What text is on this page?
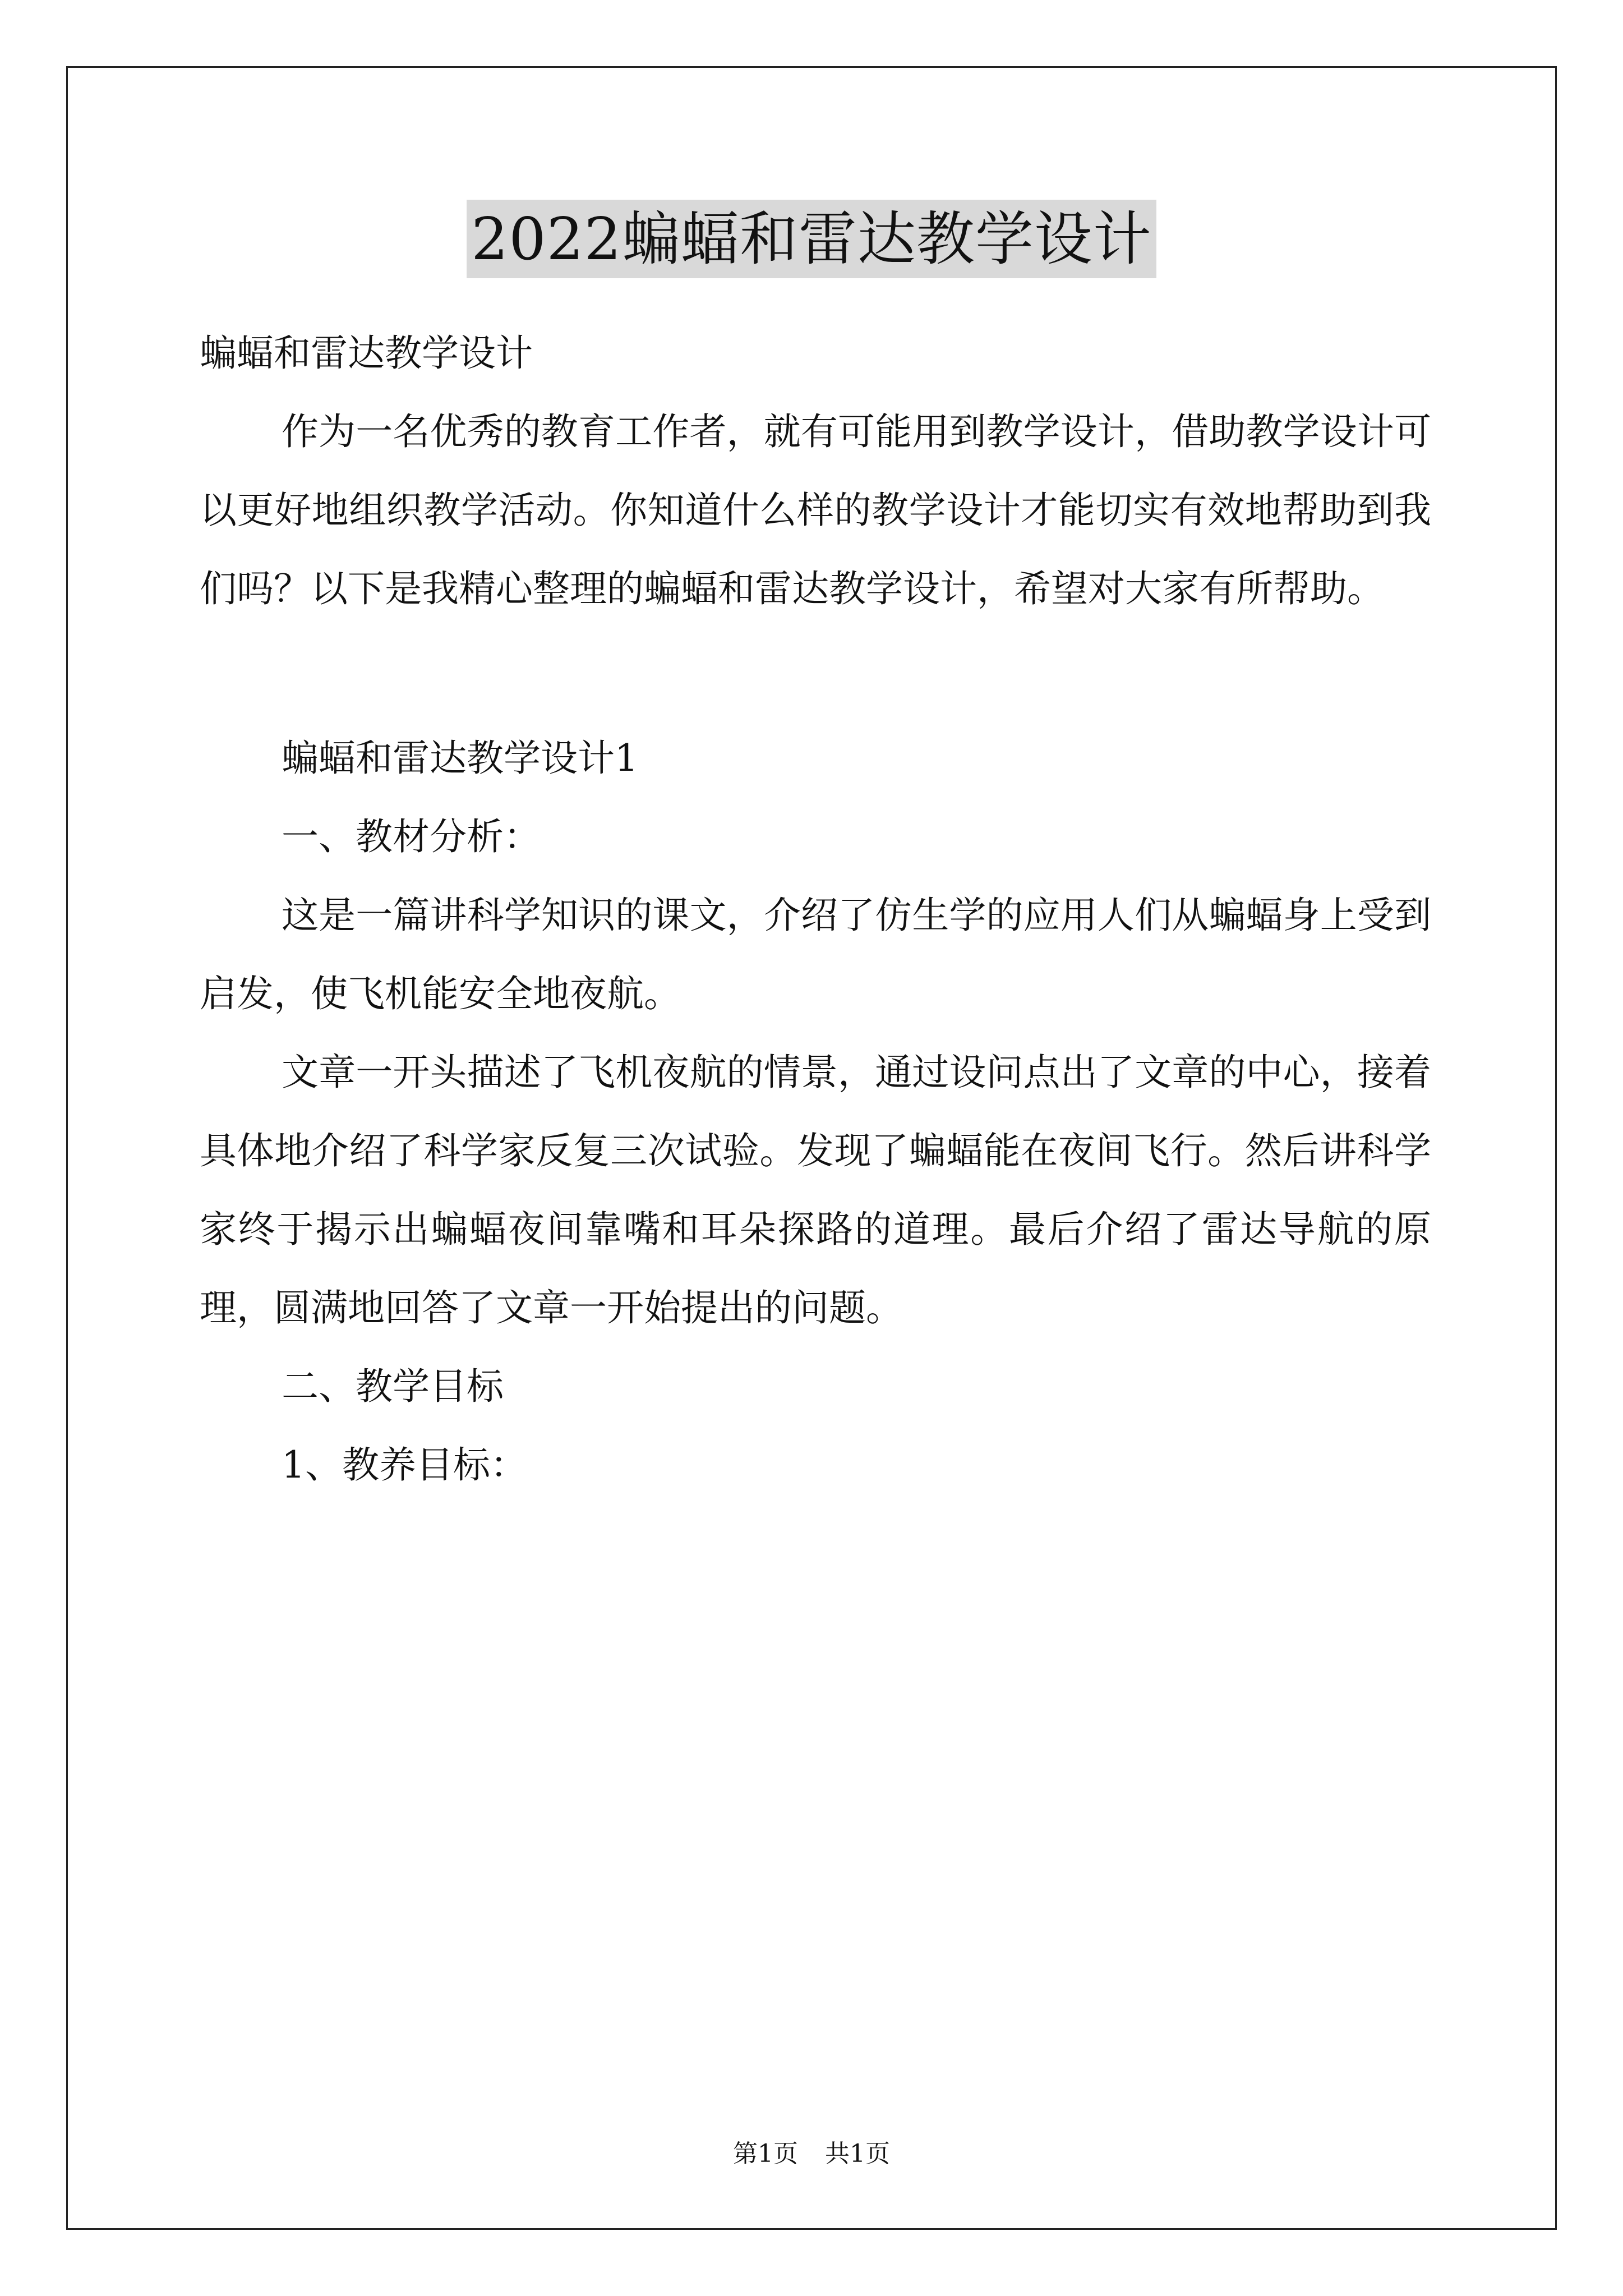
2022蝙蝠和雷达教学设计

蝙蝠和雷达教学设计

作为一名优秀的教育工作者，就有可能用到教学设计，借助教学设计可以更好地组织教学活动。你知道什么样的教学设计才能切实有效地帮助到我们吗？以下是我精心整理的蝙蝠和雷达教学设计，希望对大家有所帮助。

蝙蝠和雷达教学设计1

一、教材分析：

这是一篇讲科学知识的课文，介绍了仿生学的应用人们从蝙蝠身上受到启发，使飞机能安全地夜航。

文章一开头描述了飞机夜航的情景，通过设问点出了文章的中心，接着具体地介绍了科学家反复三次试验。发现了蝙蝠能在夜间飞行。然后讲科学家终于揭示出蝙蝠夜间靠嘴和耳朵探路的道理。最后介绍了雷达导航的原理，圆满地回答了文章一开始提出的问题。

二、教学目标

1、教养目标：

第1页 共1页
